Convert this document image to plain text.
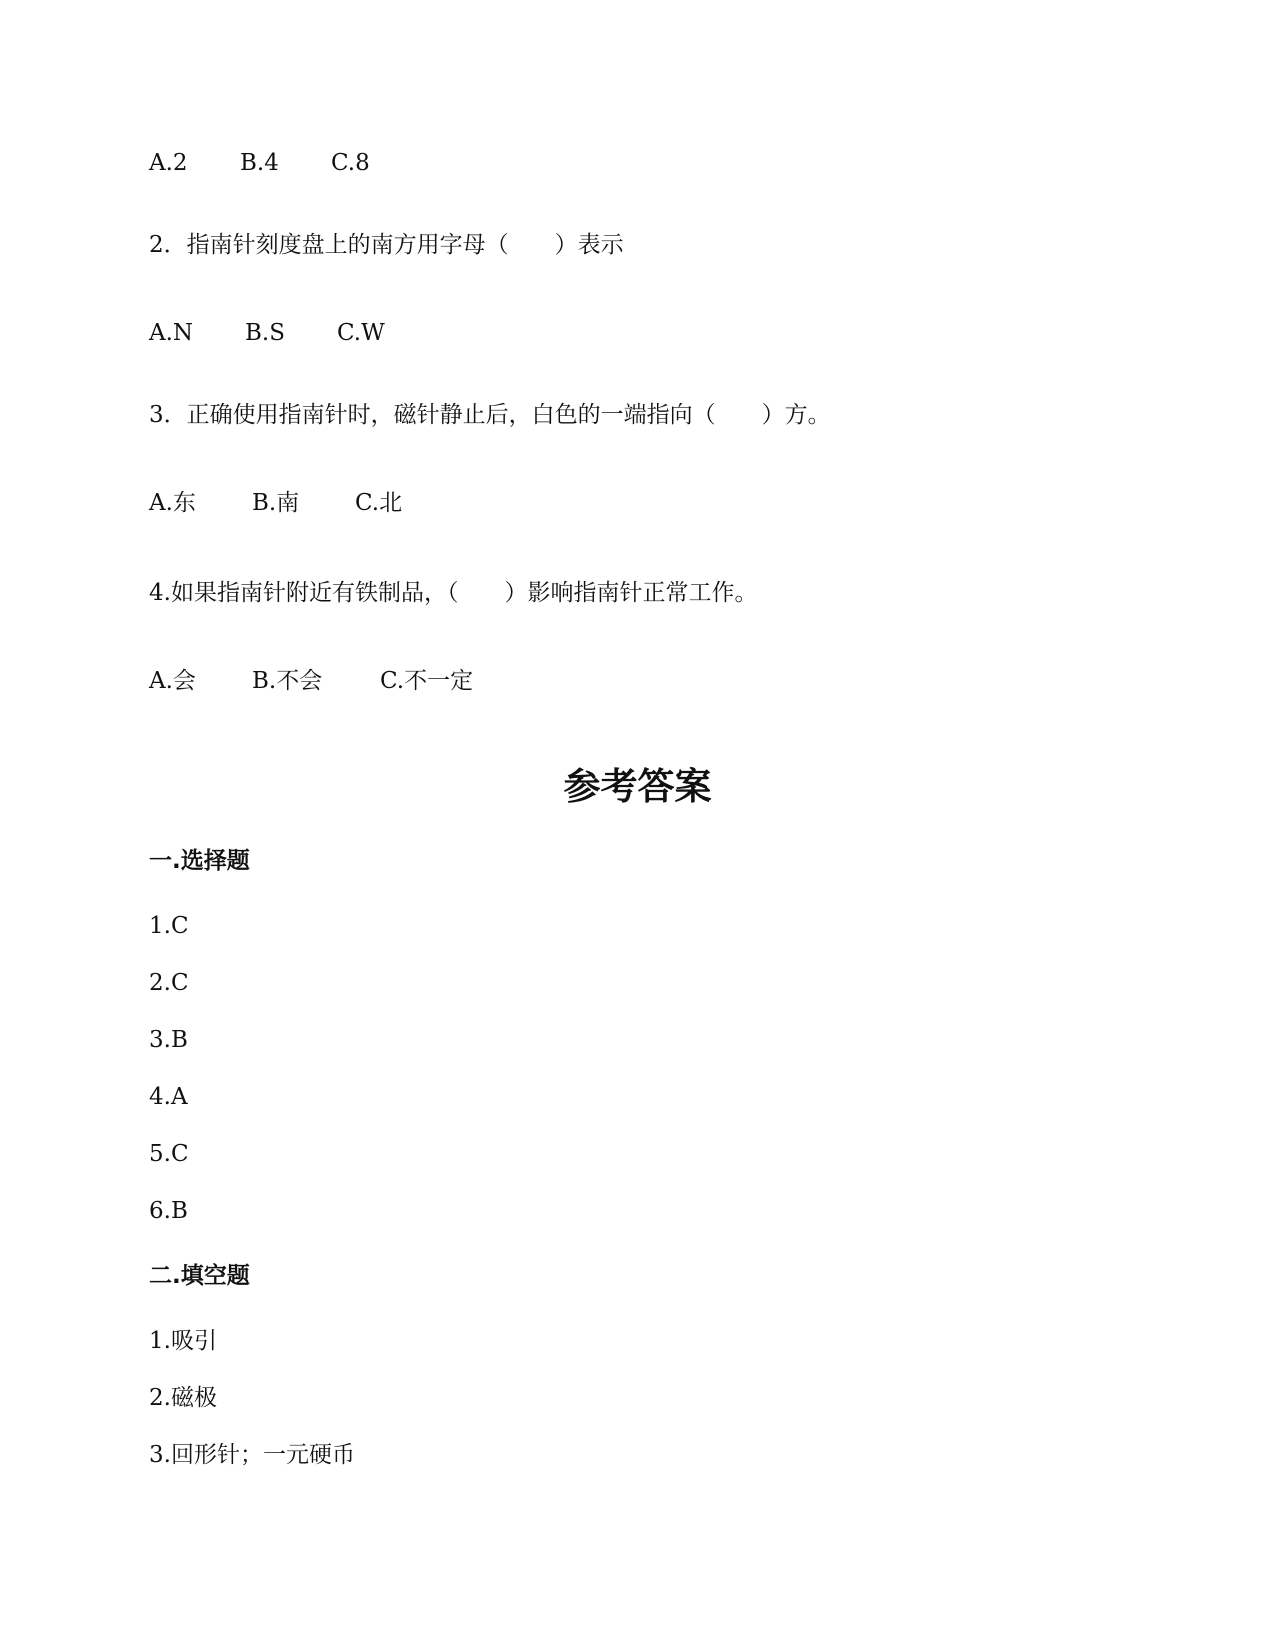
A.2	B.4	C.8
2．指南针刻度盘上的南方用字母（　　）表示
A.N	B.S	C.W
3．正确使用指南针时，磁针静止后，白色的一端指向（　　）方。
A.东	B.南	C.北
4.如果指南针附近有铁制品，（　　）影响指南针正常工作。
A.会	B.不会	C.不一定
参考答案
一.选择题
1.C
2.C
3.B
4.A
5.C
6.B
二.填空题
1.吸引
2.磁极
3.回形针；一元硬币
